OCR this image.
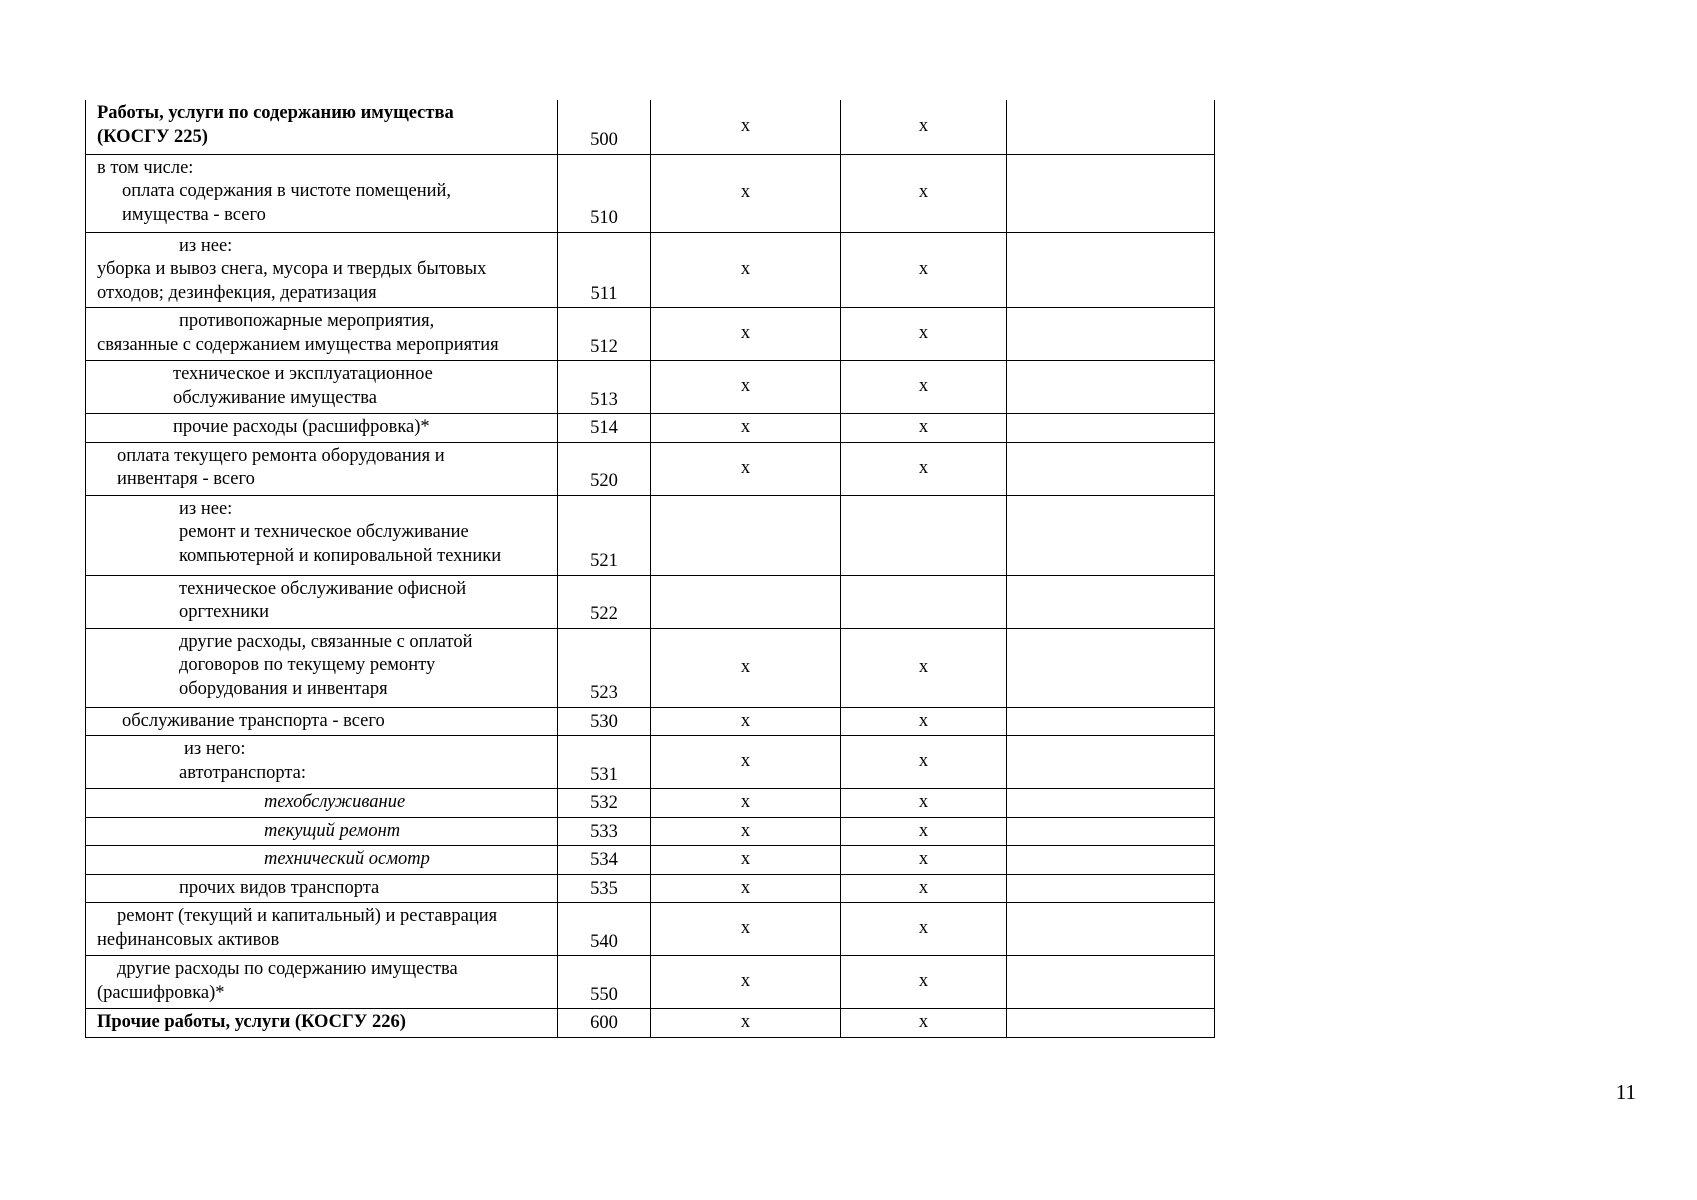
Работы, услуги по содержанию имущества
(КОСГУ 225)	500	х	х	

в том числе:
оплата содержания в чистоте помещений,
имущества - всего	510	х	х	

из нее:
уборка и вывоз снега, мусора и твердых бытовых
отходов; дезинфекция, дератизация	511	х	х	

противопожарные мероприятия,
связанные с содержанием имущества мероприятия	512	х	х	

техническое и эксплуатационное
обслуживание имущества	513	х	х	

прочие расходы (расшифровка)*	514	х	х	

оплата текущего ремонта оборудования и
инвентаря - всего	520	х	х	

из нее:
ремонт и техническое обслуживание
компьютерной и копировальной техники	521			

техническое обслуживание офисной
оргтехники	522			

другие расходы, связанные с оплатой
договоров по текущему ремонту
оборудования и инвентаря	523	х	х	

обслуживание транспорта - всего	530	х	х	

из него:
автотранспорта:	531	х	х	

техобслуживание	532	х	х	

текущий ремонт	533	х	х	

технический осмотр	534	х	х	

прочих видов транспорта	535	х	х	

ремонт (текущий и капитальный) и реставрация
нефинансовых активов	540	х	х	

другие расходы по содержанию имущества
(расшифровка)*	550	х	х	

Прочие работы, услуги (КОСГУ 226)	600	х	х	
11
